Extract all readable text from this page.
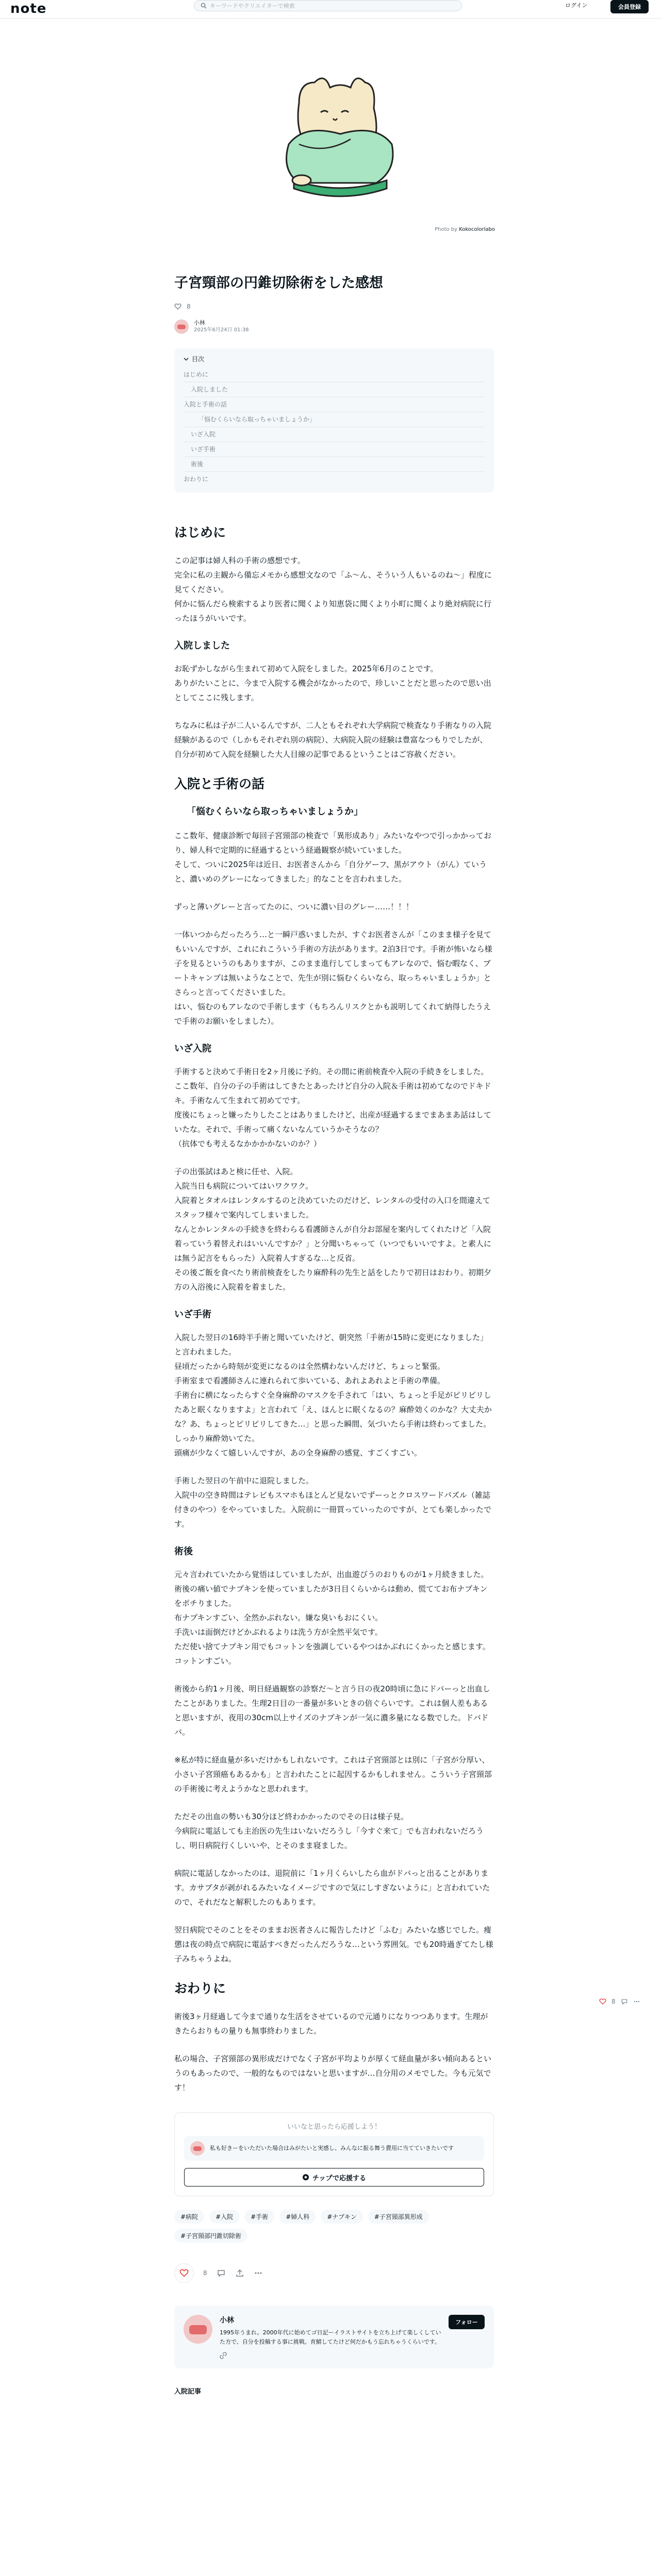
note
キーワードやクリエイターで検索	ログイン	会員登録
Photo by Kokocolorlabo
子宮頸部の円錐切除術をした感想
8
小林
2025年6月24日 01:38
目次
はじめに
入院しました
入院と手術の話
「悩むくらいなら取っちゃいましょうか」
いざ入院
いざ手術
術後
おわりに
はじめに

この記事は婦人科の手術の感想です。
完全に私の主観から備忘メモから感想文なので「ふ〜ん、そういう人もいるのね〜」程度に見てください。
何かに悩んだら検索するより医者に聞くより知恵袋に聞くより小町に聞くより絶対病院に行ったほうがいいです。

入院しました

お恥ずかしながら生まれて初めて入院をしました。2025年6月のことです。
ありがたいことに、今まで入院する機会がなかったので、珍しいことだと思ったので思い出としてここに残します。

ちなみに私は子が二人いるんですが、二人ともそれぞれ大学病院で検査なり手術なりの入院経験があるので（しかもそれぞれ別の病院）、大病院入院の経験は豊富なつもりでしたが、自分が初めて入院を経験した大人目線の記事であるということはご容赦ください。

入院と手術の話
「悩むくらいなら取っちゃいましょうか」

ここ数年、健康診断で毎回子宮頸部の検査で「異形成あり」みたいなやつで引っかかっており、婦人科で定期的に経過するという経過観察が続いていました。
そして、ついに2025年は近日、お医者さんから「自分ゲーフ、黒がアウト（がん）ていうと、濃いめのグレーになってきました」的なことを言われました。

ずっと薄いグレーと言ってたのに、ついに濃い目のグレー……！！！

一体いつからだったろう…と一瞬戸惑いましたが、すぐお医者さんが「このまま様子を見てもいいんですが、これにれこういう手術の方法があります。2泊3日です。手術が怖いなら様子を見るというのもありますが、このまま進行してしまってもアレなので、悩む暇なく、ブートキャンプは無いようなことで、先生が別に悩むくらいなら、取っちゃいましょうか」とさらっと言ってくださいました。
はい、悩むのもアレなので手術します（もちろんリスクとかも説明してくれて納得したうえで手術のお願いをしました）。

いざ入院

手術すると決めて手術日を2ヶ月後に予約。その間に術前検査や入院の手続きをしました。
ここ数年、自分の子の手術はしてきたとあったけど自分の入院＆手術は初めてなのでドキドキ。手術なんて生まれて初めてです。
度後にちょっと嫌ったりしたことはありましたけど、出産が経過するまでまあまあ話はしていたな。それで、手術って痛くないなんていうかそうなの？
（抗体でも考えるなかかかかないのか？）

子の出張試はあと検に任せ、入院。
入院当日も病院についてはいワクワク。
入院着とタオルはレンタルするのと決めていたのだけど、レンタルの受付の入口を間違えてスタッフ様々で案内してしまいました。
なんとかレンタルの手続きを終わらる看護師さんが自分お部屋を案内してくれたけど「入院着っていう着替えれはいいんですか？」と分聞いちゃって（いつでもいいですよ。と素人には無う記言をもらった）入院着人すぎるな…と反省。
その後ご飯を食べたり術前検査をしたり麻酔科の先生と話をしたりで初日はおわり。初期夕方の入浴後に入院着を着ました。

いざ手術

入院した翌日の16時半手術と聞いていたけど、朝突然「手術が15時に変更になりました」と言われました。
昼頃だったから時刻が変更になるのは全然構わないんだけど、ちょっと緊張。
手術室まで看護師さんに連れられて歩いている、あれよあれよと手術の準備。
手術台に横になったらすぐ全身麻酔のマスクを手されて「はい、ちょっと手足がピリピリしたあと眠くなりますよ」と言われて「え、ほんとに眠くなるの？麻酔効くのかな？大丈夫かな？あ、ちょっとピリピリしてきた…」と思った瞬間、気づいたら手術は終わってました。しっかり麻酔効いてた。
頭痛が少なくて嬉しいんですが、あの全身麻酔の感覚、すごくすごい。

手術した翌日の午前中に退院しました。
入院中の空き時間はテレビもスマホもほとんど見ないでずーっとクロスワードパズル（雑誌付きのやつ）をやっていました。入院前に一冊買っていったのですが、とても楽しかったです。

術後

元々言われていたから覚悟はしていましたが、出血遊びうのおりものが1ヶ月続きました。
術後の痛い値でナプキンを使っていましたが3日目くらいからは動め、慌ててお布ナプキンをポチりました。
布ナプキンすごい、全然かぶれない。嫌な臭いもおにくい。
手洗いは面倒だけどかぶれるよりは洗う方が全然平気です。
ただ使い捨てナプキン用でもコットンを強調しているやつはかぶれにくかったと感じます。コットンすごい。

術後から約1ヶ月後、明日経過観察の診察だ〜と言う日の夜20時頃に急にドバーっと出血したことがありました。生理2日目の一番量が多いときの倍ぐらいです。これは個人差もあると思いますが、夜用の30cm以上サイズのナプキンが一気に濃多量になる数でした。ドバドバ。

※私が特に経血量が多いだけかもしれないです。これは子宮頸部とは別に「子宮が分厚い、小さい子宮頸癌もあるかも」と言われたことに起因するかもしれません。こういう子宮頸部の手術後に考えようかなと思われます。

ただその出血の勢いも30分ほど終わかかったのでその日は様子見。
今病院に電話しても主治医の先生はいないだろうし「今すぐ来て」でも言われないだろうし、明日病院行くしいいや、とそのまま寝ました。

病院に電話しなかったのは、退院前に「1ヶ月くらいしたら血がドバっと出ることがあります。カサブタが剥がれるみたいなイメージですので気にしすぎないように」と言われていたので、それだなと解釈したのもあります。

翌日病院でそのことをそのままお医者さんに報告したけど「ふむ」みたいな感じでした。痩懲は夜の時点で病院に電話すべきだったんだろうな…という雰囲気。でも20時過ぎてたし様子みちゃうよね。

おわりに

術後3ヶ月経過して今まで通りな生活をさせているので元通りになりつつあります。生理がきたらおりもの量りも無事終わりました。

私の場合、子宮頸部の異形成だけでなく子宮が平均よりが厚くて経血量が多い傾向あるというのもあったので、一般的なものではないと思いますが…自分用のメモでした。今も元気です！

いいなと思ったら応援しよう！
私も好きーをいただいた場合はみがたいと実感し、みんなに振る舞う費用に当てていきたいです
チップで応援する
#病院	#入院	#手術	#婦人科	#ナプキン	#子宮頸部異形成
#子宮頸部円錐切除術
8
小林
1995年うまれ。2000年代に始めてゴ日記ーイラストサイトを立ち上げて楽しくしていた方で、自分を投稿する事に挑戦。育鯖してたけど何だかもう忘れちゃうくらいです。
フォロー
入院記事
8
